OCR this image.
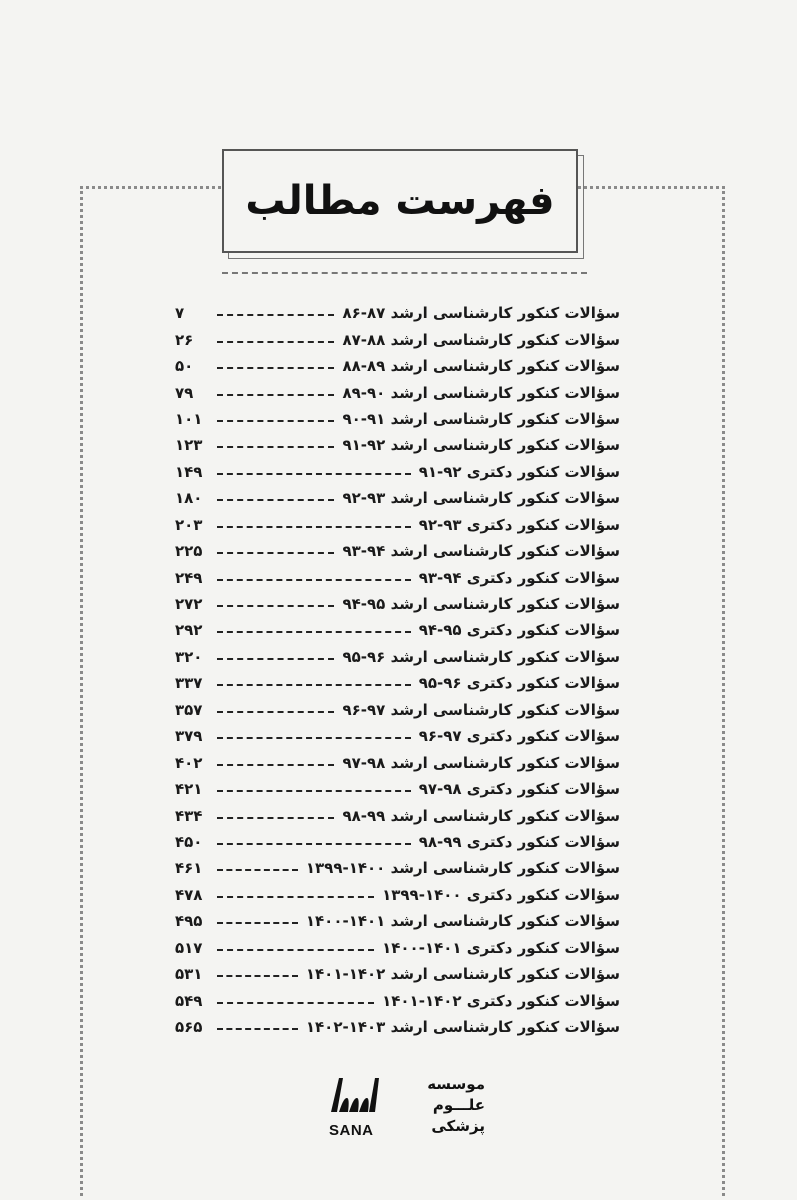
فهرست مطالب
سؤالات کنکور کارشناسی ارشد ۸۷-۸۶
۷
سؤالات کنکور کارشناسی ارشد ۸۸-۸۷
۲۶
سؤالات کنکور کارشناسی ارشد ۸۹-۸۸
۵۰
سؤالات کنکور کارشناسی ارشد ۹۰-۸۹
۷۹
سؤالات کنکور کارشناسی ارشد ۹۱-۹۰
۱۰۱
سؤالات کنکور کارشناسی ارشد ۹۲-۹۱
۱۲۳
سؤالات کنکور دکتری ۹۲-۹۱
۱۴۹
سؤالات کنکور کارشناسی ارشد ۹۳-۹۲
۱۸۰
سؤالات کنکور دکتری ۹۳-۹۲
۲۰۳
سؤالات کنکور کارشناسی ارشد ۹۴-۹۳
۲۲۵
سؤالات کنکور دکتری ۹۴-۹۳
۲۴۹
سؤالات کنکور کارشناسی ارشد ۹۵-۹۴
۲۷۲
سؤالات کنکور دکتری ۹۵-۹۴
۲۹۲
سؤالات کنکور کارشناسی ارشد ۹۶-۹۵
۳۲۰
سؤالات کنکور دکتری ۹۶-۹۵
۳۳۷
سؤالات کنکور کارشناسی ارشد ۹۷-۹۶
۳۵۷
سؤالات کنکور دکتری ۹۷-۹۶
۳۷۹
سؤالات کنکور کارشناسی ارشد ۹۸-۹۷
۴۰۲
سؤالات کنکور دکتری ۹۸-۹۷
۴۲۱
سؤالات کنکور کارشناسی ارشد ۹۹-۹۸
۴۳۴
سؤالات کنکور دکتری ۹۹-۹۸
۴۵۰
سؤالات کنکور کارشناسی ارشد ۱۴۰۰-۱۳۹۹
۴۶۱
سؤالات کنکور دکتری ۱۴۰۰-۱۳۹۹
۴۷۸
سؤالات کنکور کارشناسی ارشد ۱۴۰۱-۱۴۰۰
۴۹۵
سؤالات کنکور دکتری ۱۴۰۱-۱۴۰۰
۵۱۷
سؤالات کنکور کارشناسی ارشد ۱۴۰۲-۱۴۰۱
۵۳۱
سؤالات کنکور دکتری ۱۴۰۲-۱۴۰۱
۵۴۹
سؤالات کنکور کارشناسی ارشد ۱۴۰۳-۱۴۰۲
۵۶۵
موسسه
علـــوم
پزشکی
SANA
